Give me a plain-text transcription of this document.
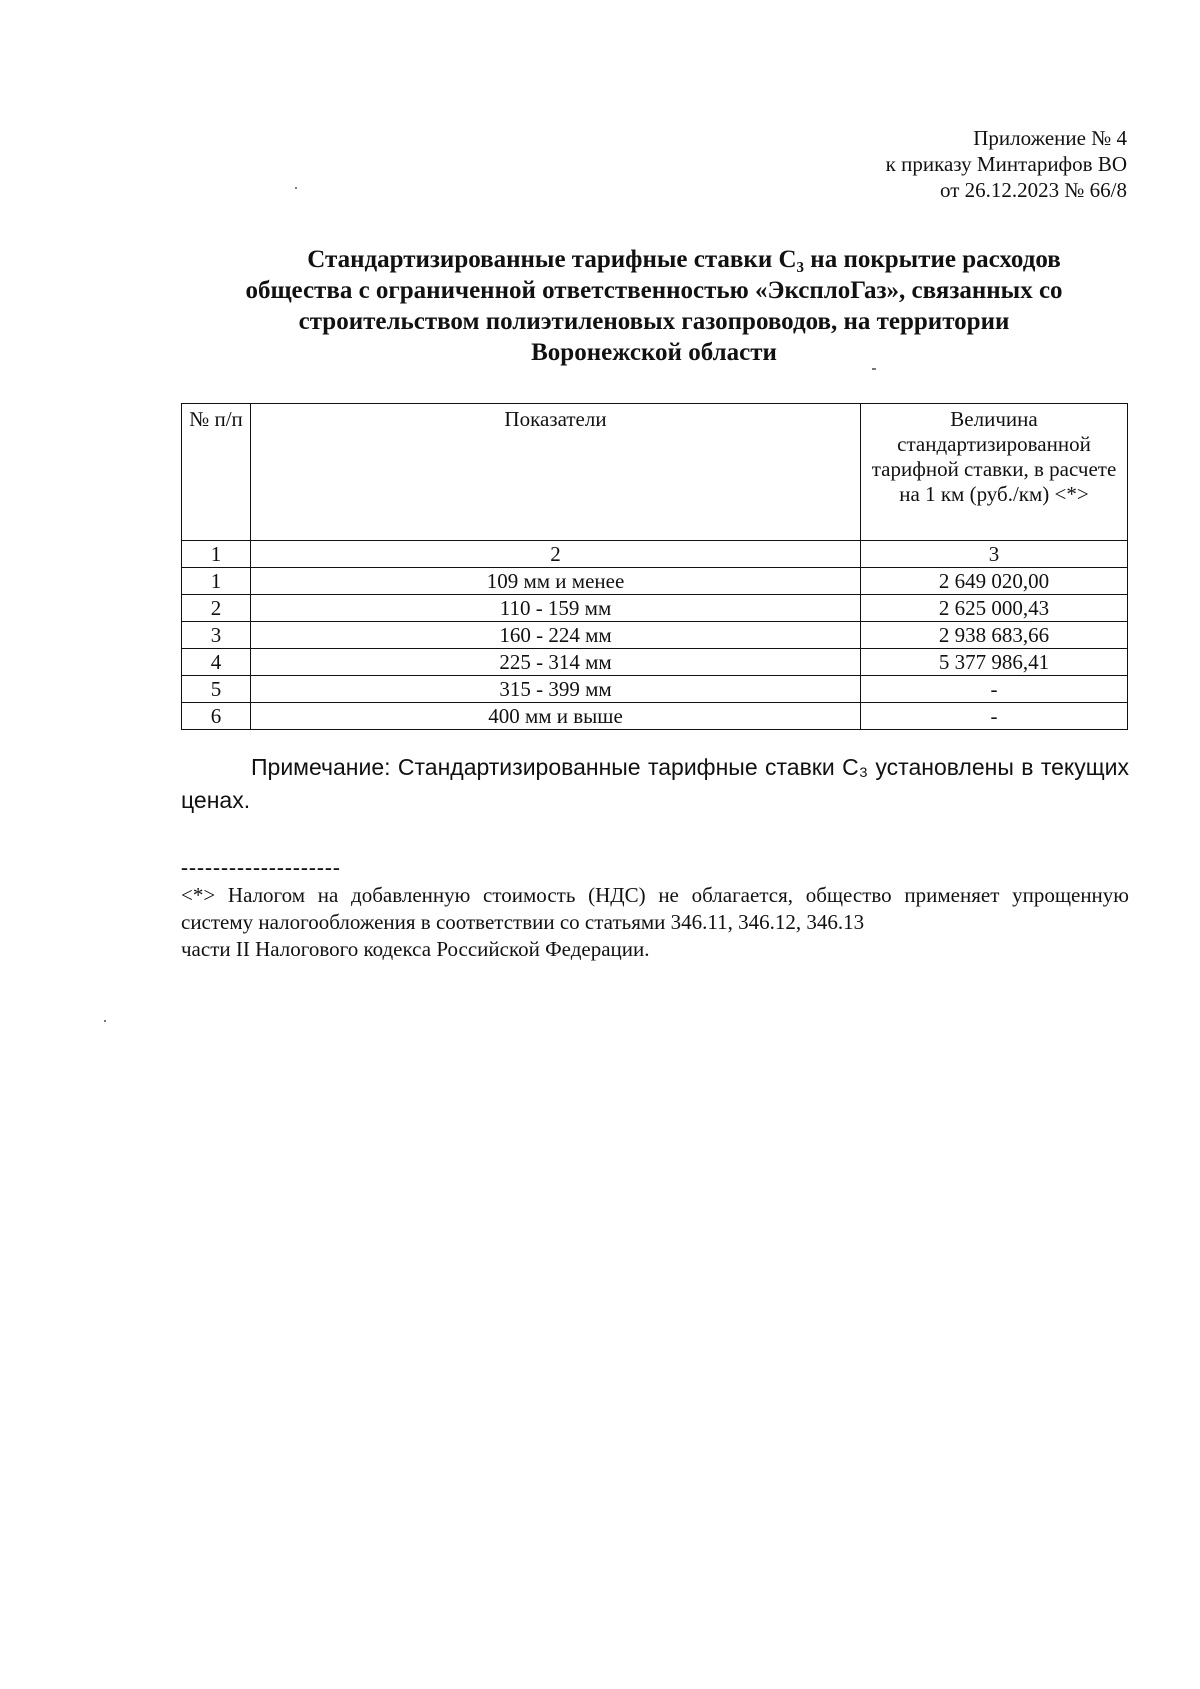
Приложение № 4
к приказу Минтарифов ВО
от 26.12.2023 № 66/8
Стандартизированные тарифные ставки C₃ на покрытие расходов
общества с ограниченной ответственностью «ЭксплоГаз», связанных со
строительством полиэтиленовых газопроводов, на территории
Воронежской области
№ п/п	Показатели	Величина стандартизированной тарифной ставки, в расчете на 1 км (руб./км) <*>
1	2	3
1	109 мм и менее	2 649 020,00
2	110 - 159 мм	2 625 000,43
3	160 - 224 мм	2 938 683,66
4	225 - 314 мм	5 377 986,41
5	315 - 399 мм	-
6	400 мм и выше	-
Примечание: Стандартизированные тарифные ставки C₃ установлены в текущих ценах.
--------------------
<*> Налогом на добавленную стоимость (НДС) не облагается, общество применяет упрощенную систему налогообложения в соответствии со статьями 346.11, 346.12, 346.13
части II Налогового кодекса Российской Федерации.
